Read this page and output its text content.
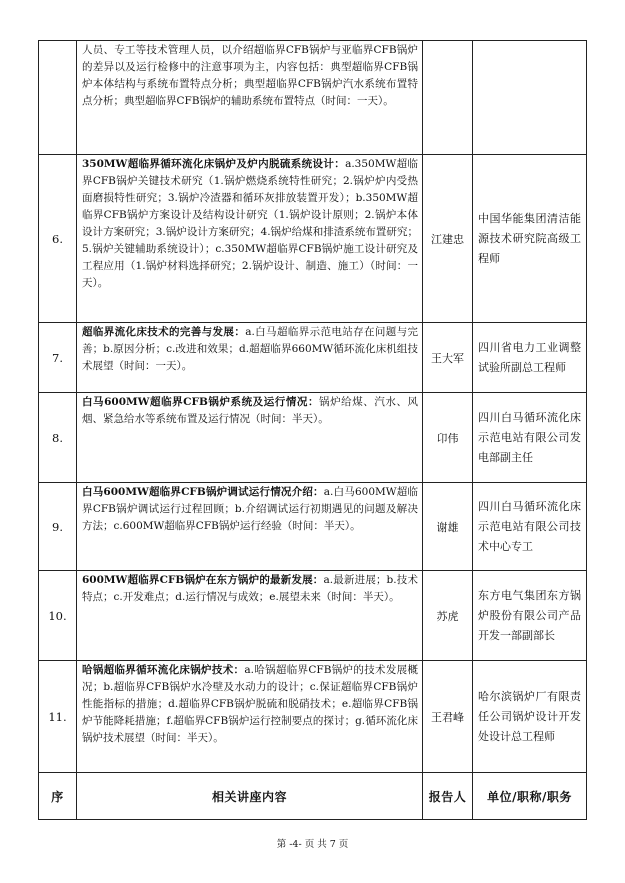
	人员、专工等技术管理人员，以介绍超临界CFB锅炉与亚临界CFB锅炉的差异以及运行检修中的注意事项为主，内容包括：典型超临界CFB锅炉本体结构与系统布置特点分析；典型超临界CFB锅炉汽水系统布置特点分析；典型超临界CFB锅炉的辅助系统布置特点（时间：一天）。		
6.	350MW超临界循环流化床锅炉及炉内脱硫系统设计：a.350MW超临界CFB锅炉关键技术研究（1.锅炉燃烧系统特性研究；2.锅炉炉内受热面磨损特性研究；3.锅炉冷渣器和循环灰排放装置开发）；b.350MW超临界CFB锅炉方案设计及结构设计研究（1.锅炉设计原则；2.锅炉本体设计方案研究；3.锅炉设计方案研究；4.锅炉给煤和排渣系统布置研究；5.锅炉关键辅助系统设计）；c.350MW超临界CFB锅炉施工设计研究及工程应用（1.锅炉材料选择研究；2.锅炉设计、制造、施工）（时间：一天）。	江建忠	中国华能集团清洁能源技术研究院高级工程师
7.	超临界流化床技术的完善与发展：a.白马超临界示范电站存在问题与完善；b.原因分析；c.改进和效果；d.超超临界660MW循环流化床机组技术展望（时间：一天）。	王大军	四川省电力工业调整试验所副总工程师
8.	白马600MW超临界CFB锅炉系统及运行情况：锅炉给煤、汽水、风烟、紧急给水等系统布置及运行情况（时间：半天）。	卬伟	四川白马循环流化床示范电站有限公司发电部副主任
9.	白马600MW超临界CFB锅炉调试运行情况介绍：a.白马600MW超临界CFB锅炉调试运行过程回顾；b.介绍调试运行初期遇见的问题及解决方法；c.600MW超临界CFB锅炉运行经验（时间：半天）。	谢雄	四川白马循环流化床示范电站有限公司技术中心专工
10.	600MW超临界CFB锅炉在东方锅炉的最新发展：a.最新进展；b.技术特点；c.开发难点；d.运行情况与成效；e.展望未来（时间：半天）。	苏虎	东方电气集团东方锅炉股份有限公司产品开发一部副部长
11.	哈锅超临界循环流化床锅炉技术：a.哈锅超临界CFB锅炉的技术发展概况；b.超临界CFB锅炉水冷壁及水动力的设计；c.保证超临界CFB锅炉性能指标的措施；d.超临界CFB锅炉脱硫和脱硝技术；e.超临界CFB锅炉节能降耗措施；f.超临界CFB锅炉运行控制要点的探讨；g.循环流化床锅炉技术展望（时间：半天）。	王君峰	哈尔滨锅炉厂有限责任公司锅炉设计开发处设计总工程师
序	相关讲座内容	报告人	单位/职称/职务
第 -4- 页 共 7 页
